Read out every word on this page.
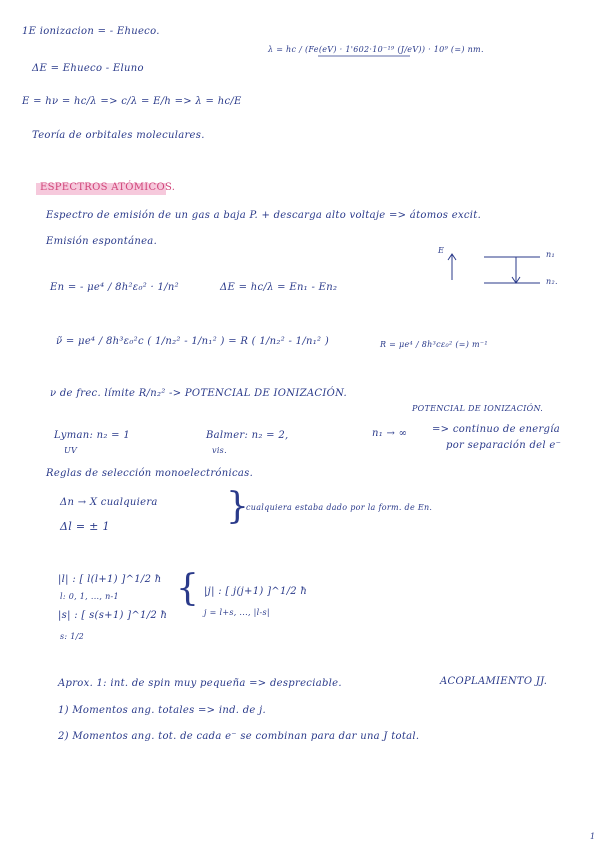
1E ionizacion = - Ehueco.
ΔE = Ehueco - Eluno
E = hν = hc/λ => c/λ = E/h => λ = hc/E
λ = hc / (Fe(eV) · 1'602·10⁻¹⁹ (J/eV)) · 10⁹ (=) nm.
Teoría de orbitales moleculares.
ESPECTROS ATÓMICOS.
Espectro de emisión de un gas a baja P. + descarga alto voltaje => átomos excit.
Emisión espontánea.
E	n₁
n₂.
En = - μe⁴ / 8h²ε₀² · 1/n²	ΔE = hc/λ = En₁ - En₂
ν̃ = μe⁴ / 8h³ε₀²c ( 1/n₂² - 1/n₁² ) = R ( 1/n₂² - 1/n₁² )	R = μe⁴ / 8h³cε₀² (=) m⁻¹
ν de frec. límite R/n₂² -> POTENCIAL DE IONIZACIÓN.
POTENCIAL DE IONIZACIÓN.
Lyman: n₂ = 1
UV
Balmer: n₂ = 2,
vis.
n₁ → ∞ => continuo de energía
por separación del e⁻
Reglas de selección monoelectrónicas.
Δn → X cualquiera
Δl = ± 1	}
cualquiera estaba dado por la form. de En.
|l| : [ l(l+1) ]^1/2 ħ
l: 0, 1, ..., n-1
|s| : [ s(s+1) ]^1/2 ħ
s: 1/2
{ |j| : [ j(j+1) ]^1/2 ħ
j = l+s, ..., |l-s|
Aprox. 1: int. de spin muy pequeña => despreciable.	ACOPLAMIENTO JJ.
1) Momentos ang. totales => ind. de j.
2) Momentos ang. tot. de cada e⁻ se combinan para dar una J total.
1
